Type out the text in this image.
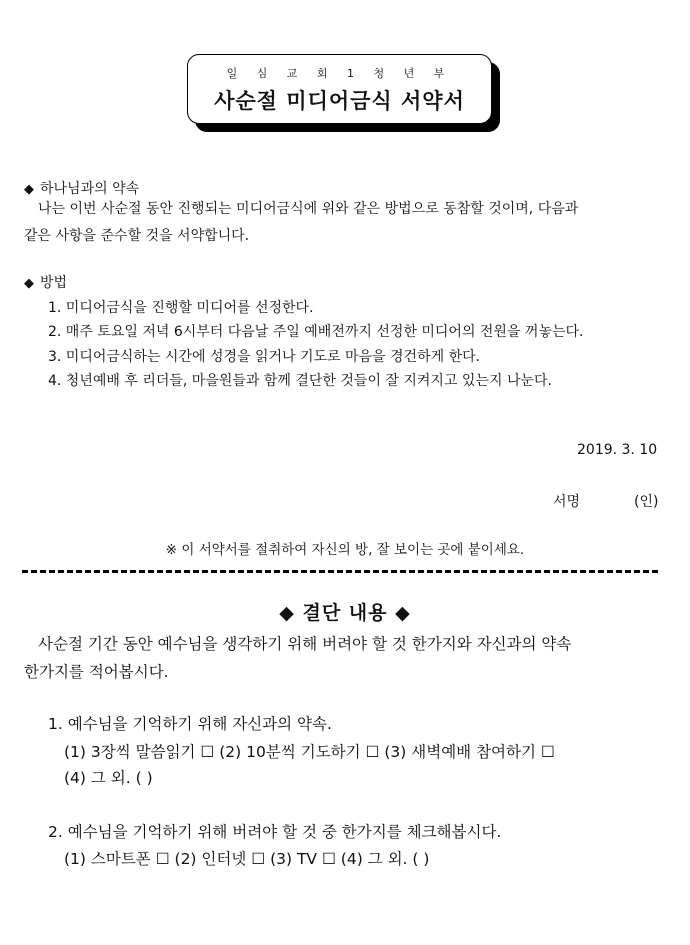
일 심 교 회 1 청 년 부
사순절 미디어금식 서약서
◆ 하나님과의 약속
나는 이번 사순절 동안 진행되는 미디어금식에 위와 같은 방법으로 동참할 것이며, 다음과
같은 사항을 준수할 것을 서약합니다.
◆ 방법
1. 미디어금식을 진행할 미디어를 선정한다.
2. 매주 토요일 저녁 6시부터 다음날 주일 예배전까지 선정한 미디어의 전원을 꺼놓는다.
3. 미디어금식하는 시간에 성경을 읽거나 기도로 마음을 경건하게 한다.
4. 청년예배 후 리더들, 마을원들과 함께 결단한 것들이 잘 지켜지고 있는지 나눈다.
2019. 3. 10
서명	(인)
※ 이 서약서를 절취하여 자신의 방, 잘 보이는 곳에 붙이세요.
◆ 결단 내용 ◆
사순절 기간 동안 예수님을 생각하기 위해 버려야 할 것 한가지와 자신과의 약속
한가지를 적어봅시다.
1. 예수님을 기억하기 위해 자신과의 약속.
(1) 3장씩 말씀읽기 ☐ (2) 10분씩 기도하기 ☐ (3) 새벽예배 참여하기 ☐
(4) 그 외. ( )
2. 예수님을 기억하기 위해 버려야 할 것 중 한가지를 체크해봅시다.
(1) 스마트폰 ☐ (2) 인터넷 ☐ (3) TV ☐ (4) 그 외. ( )
